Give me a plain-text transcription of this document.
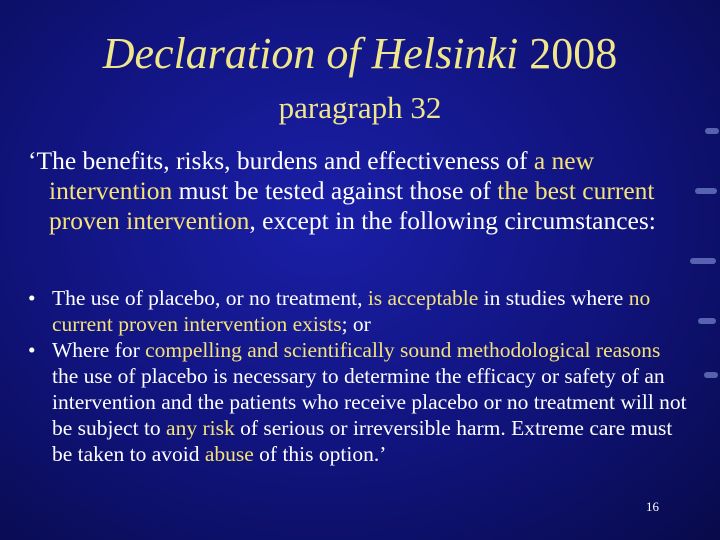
Declaration of Helsinki 2008
paragraph 32
‘The benefits, risks, burdens and effectiveness of a new intervention must be tested against those of the best current proven intervention, except in the following circumstances:
• The use of placebo, or no treatment, is acceptable in studies where no current proven intervention exists; or
• Where for compelling and scientifically sound methodological reasons the use of placebo is necessary to determine the efficacy or safety of an intervention and the patients who receive placebo or no treatment will not be subject to any risk of serious or irreversible harm. Extreme care must be taken to avoid abuse of this option.’
16
